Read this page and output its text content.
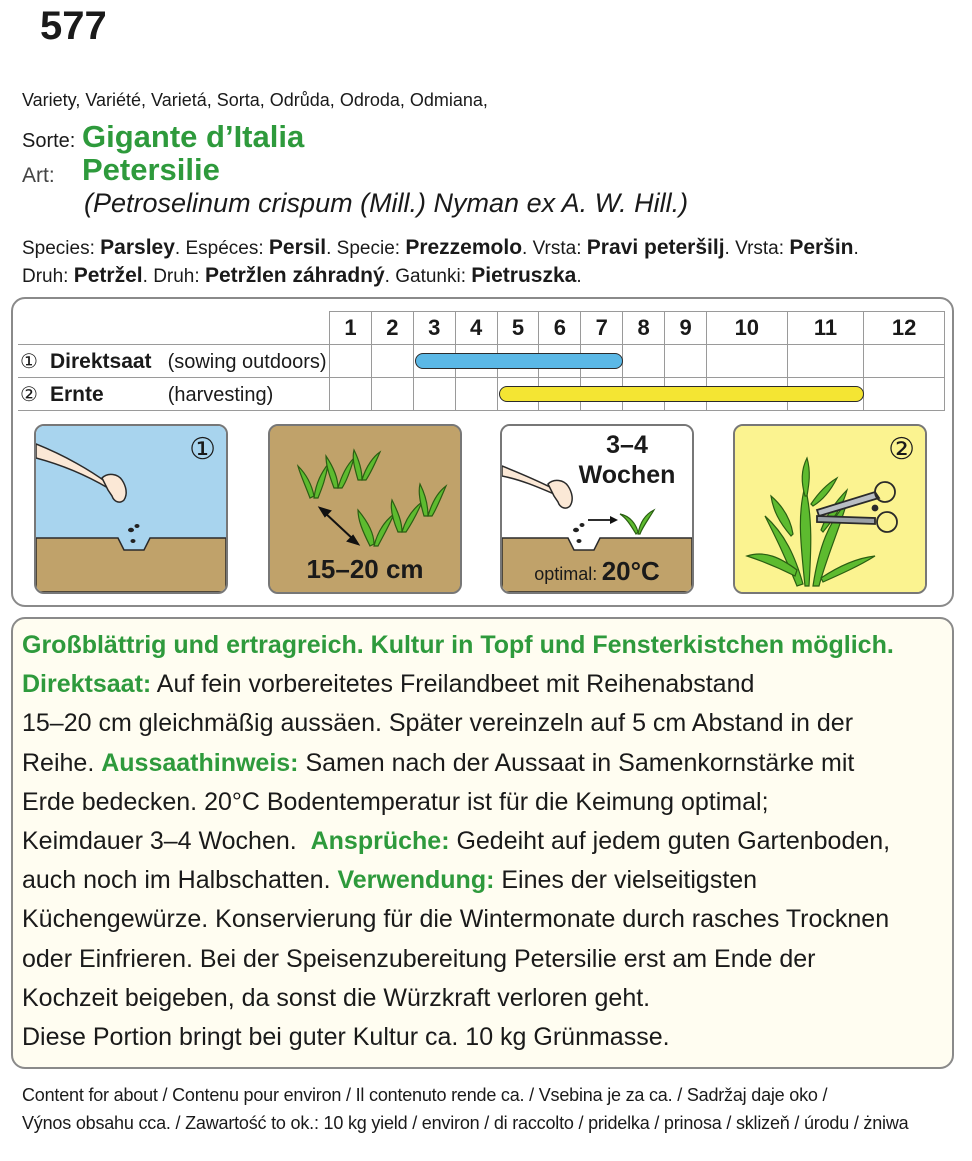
577
Variety, Variété, Varietá, Sorta, Odrůda, Odroda, Odmiana,
Sorte: Gigante d’Italia
Art: Petersilie
(Petroselinum crispum (Mill.) Nyman ex A. W. Hill.)
Species: Parsley. Espéces: Persil. Specie: Prezzemolo. Vrsta: Pravi peteršilj. Vrsta: Peršin.
Druh: Petržel. Druh: Petržlen záhradný. Gatunki: Pietruszka.
	1	2	3	4	5	6	7	8	9	10	11	12
① Direktsaat (sowing outdoors)												
② Ernte (harvesting)												
①
15–20 cm
3–4
Wochen
optimal: 20°C
②
Großblättrig und ertragreich. Kultur in Topf und Fensterkistchen möglich.
Direktsaat: Auf fein vorbereitetes Freilandbeet mit Reihenabstand
15–20 cm gleichmäßig aussäen. Später vereinzeln auf 5 cm Abstand in der
Reihe. Aussaathinweis: Samen nach der Aussaat in Samenkornstärke mit
Erde bedecken. 20°C Bodentemperatur ist für die Keimung optimal;
Keimdauer 3–4 Wochen.  Ansprüche: Gedeiht auf jedem guten Gartenboden,
auch noch im Halbschatten. Verwendung: Eines der vielseitigsten
Küchengewürze. Konservierung für die Wintermonate durch rasches Trocknen
oder Einfrieren. Bei der Speisenzubereitung Petersilie erst am Ende der
Kochzeit beigeben, da sonst die Würzkraft verloren geht.
Diese Portion bringt bei guter Kultur ca. 10 kg Grünmasse.
Content for about / Contenu pour environ / Il contenuto rende ca. / Vsebina je za ca. / Sadržaj daje oko /
Výnos obsahu cca. / Zawartość to ok.: 10 kg yield / environ / di raccolto / pridelka / prinosa / sklizeň / úrodu / żniwa
